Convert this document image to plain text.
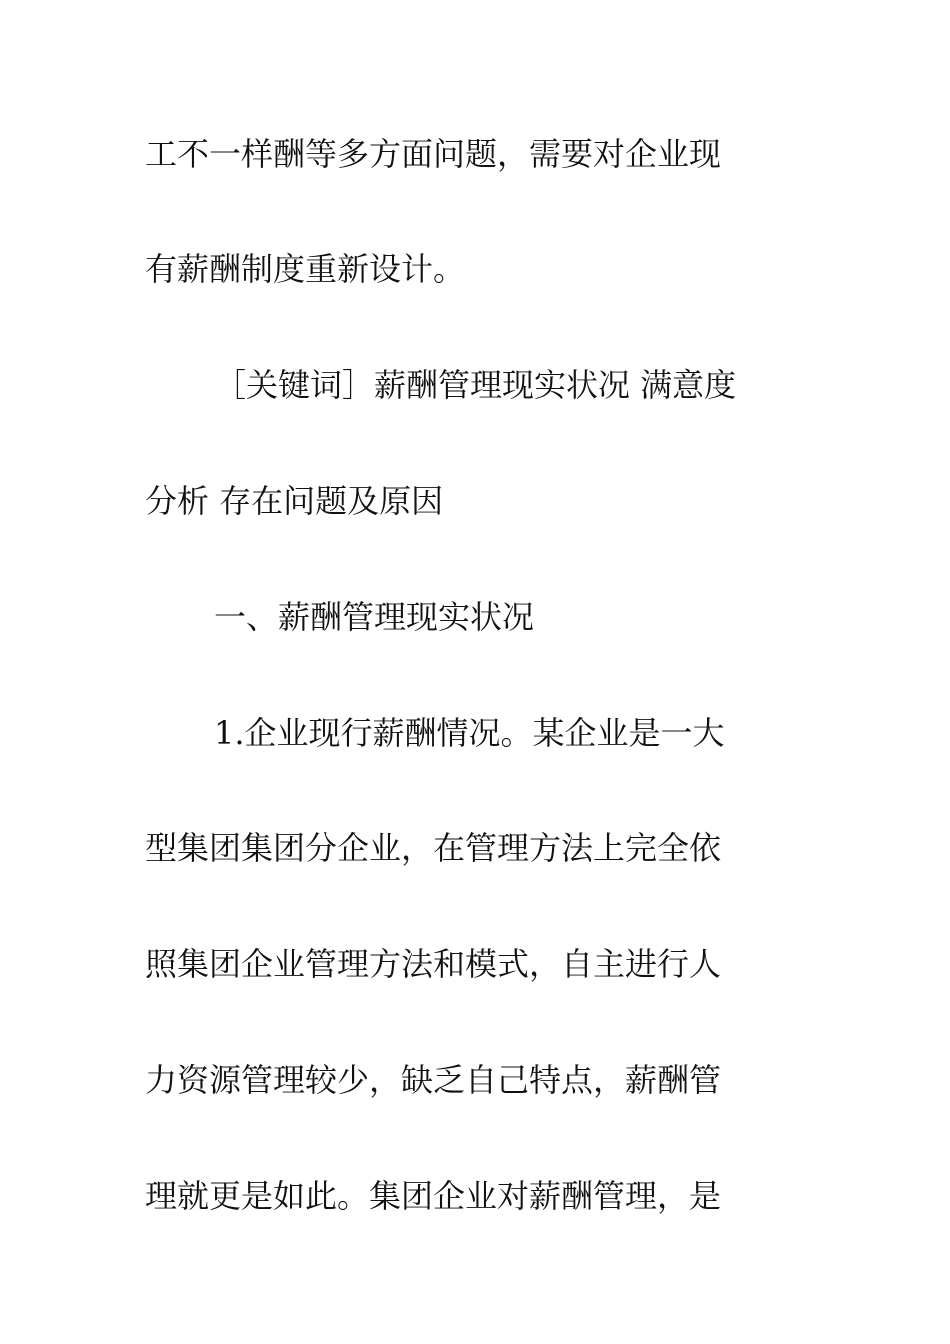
工不一样酬等多方面问题，需要对企业现
有薪酬制度重新设计。
［关键词］薪酬管理现实状况 满意度
分析 存在问题及原因
一、薪酬管理现实状况
1.企业现行薪酬情况。某企业是一大
型集团集团分企业，在管理方法上完全依
照集团企业管理方法和模式，自主进行人
力资源管理较少，缺乏自己特点，薪酬管
理就更是如此。集团企业对薪酬管理，是
